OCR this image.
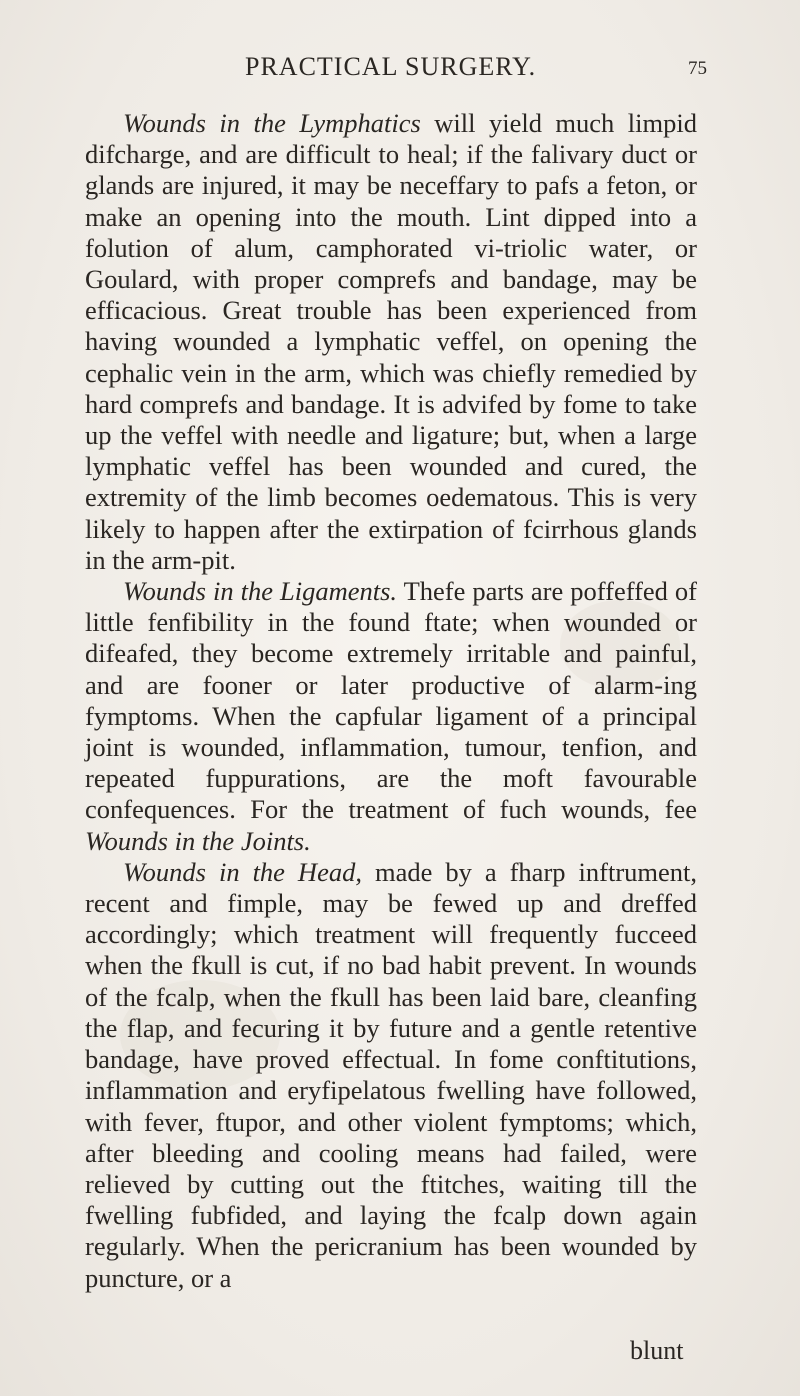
PRACTICAL SURGERY.	75

Wounds in the Lymphatics will yield much limpid difcharge, and are difficult to heal; if the falivary duct or glands are injured, it may be neceffary to pafs a feton, or make an opening into the mouth. Lint dipped into a folution of alum, camphorated vi-triolic water, or Goulard, with proper comprefs and bandage, may be efficacious. Great trouble has been experienced from having wounded a lymphatic veffel, on opening the cephalic vein in the arm, which was chiefly remedied by hard comprefs and bandage. It is advifed by fome to take up the veffel with needle and ligature; but, when a large lymphatic veffel has been wounded and cured, the extremity of the limb becomes oedematous. This is very likely to happen after the extirpation of fcirrhous glands in the arm-pit.

Wounds in the Ligaments. Thefe parts are poffeffed of little fenfibility in the found ftate; when wounded or difeafed, they become extremely irritable and painful, and are fooner or later productive of alarm-ing fymptoms. When the capfular ligament of a principal joint is wounded, inflammation, tumour, tenfion, and repeated fuppurations, are the moft favourable confequences. For the treatment of fuch wounds, fee Wounds in the Joints.

Wounds in the Head, made by a fharp inftrument, recent and fimple, may be fewed up and dreffed accordingly; which treatment will frequently fucceed when the fkull is cut, if no bad habit prevent. In wounds of the fcalp, when the fkull has been laid bare, cleanfing the flap, and fecuring it by future and a gentle retentive bandage, have proved effectual. In fome conftitutions, inflammation and eryfipelatous fwelling have followed, with fever, ftupor, and other violent fymptoms; which, after bleeding and cooling means had failed, were relieved by cutting out the ftitches, waiting till the fwelling fubfided, and laying the fcalp down again regularly. When the pericranium has been wounded by puncture, or a

blunt
